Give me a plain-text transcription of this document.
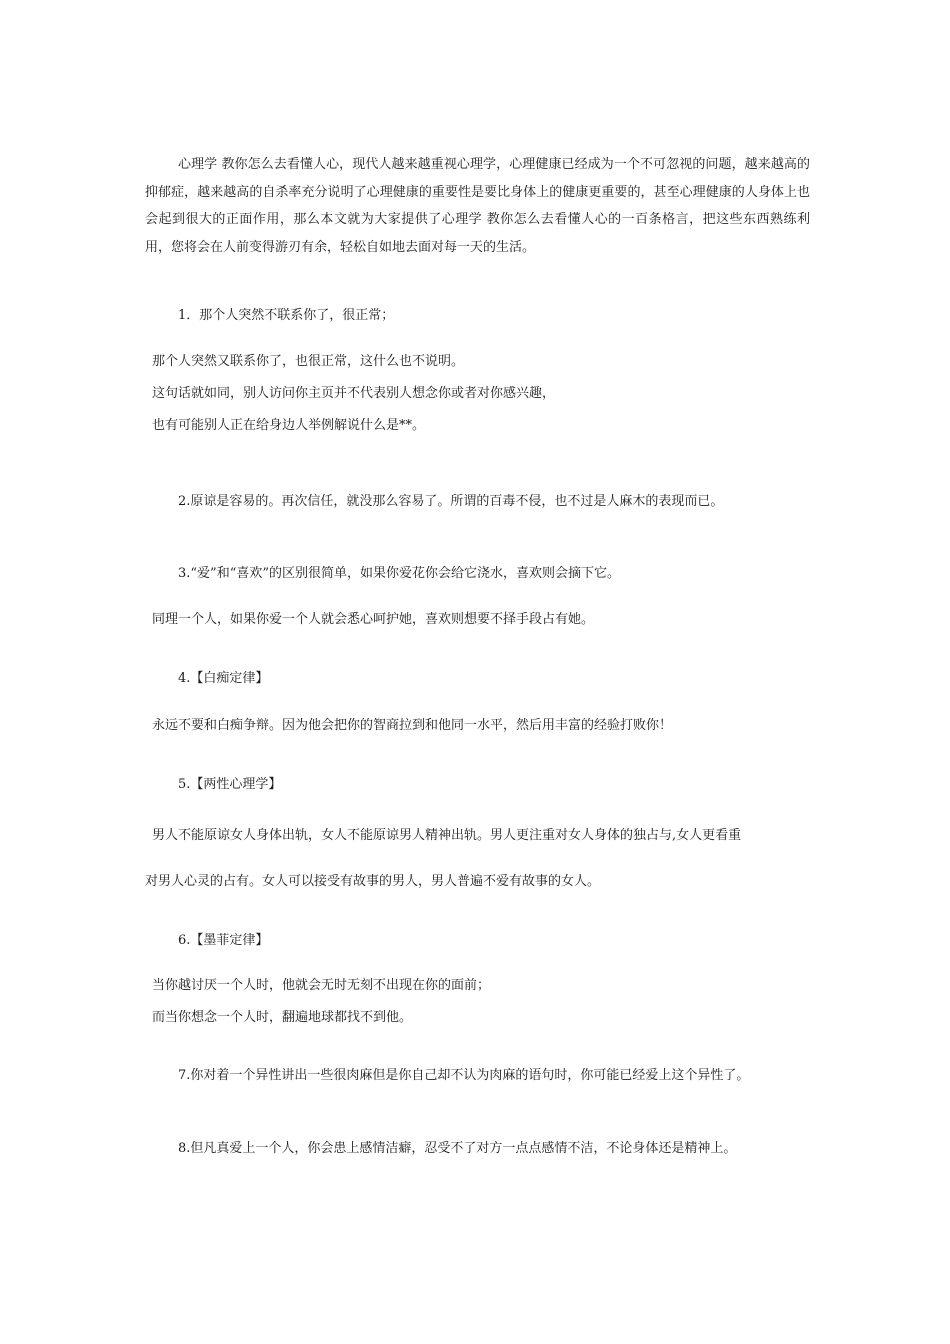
心理学 教你怎么去看懂人心，现代人越来越重视心理学，心理健康已经成为一个不可忽视的问题，越来越高的抑郁症，越来越高的自杀率充分说明了心理健康的重要性是要比身体上的健康更重要的，甚至心理健康的人身体上也会起到很大的正面作用，那么本文就为大家提供了心理学 教你怎么去看懂人心的一百条格言，把这些东西熟练利用，您将会在人前变得游刃有余，轻松自如地去面对每一天的生活。
1．那个人突然不联系你了，很正常；
那个人突然又联系你了，也很正常，这什么也不说明。
这句话就如同，别人访问你主页并不代表别人想念你或者对你感兴趣，
也有可能别人正在给身边人举例解说什么是**。
2.原谅是容易的。再次信任，就没那么容易了。所谓的百毒不侵，也不过是人麻木的表现而已。
3.“爱”和“喜欢”的区别很简单，如果你爱花你会给它浇水，喜欢则会摘下它。
同理一个人，如果你爱一个人就会悉心呵护她，喜欢则想要不择手段占有她。
4.【白痴定律】
永远不要和白痴争辩。因为他会把你的智商拉到和他同一水平，然后用丰富的经验打败你！
5.【两性心理学】
男人不能原谅女人身体出轨，女人不能原谅男人精神出轨。男人更注重对女人身体的独占与,女人更看重
对男人心灵的占有。女人可以接受有故事的男人，男人普遍不爱有故事的女人。
6.【墨菲定律】
当你越讨厌一个人时，他就会无时无刻不出现在你的面前；
而当你想念一个人时，翻遍地球都找不到他。
7.你对着一个异性讲出一些很肉麻但是你自己却不认为肉麻的语句时，你可能已经爱上这个异性了。
8.但凡真爱上一个人，你会患上感情洁癖，忍受不了对方一点点感情不洁，不论身体还是精神上。
